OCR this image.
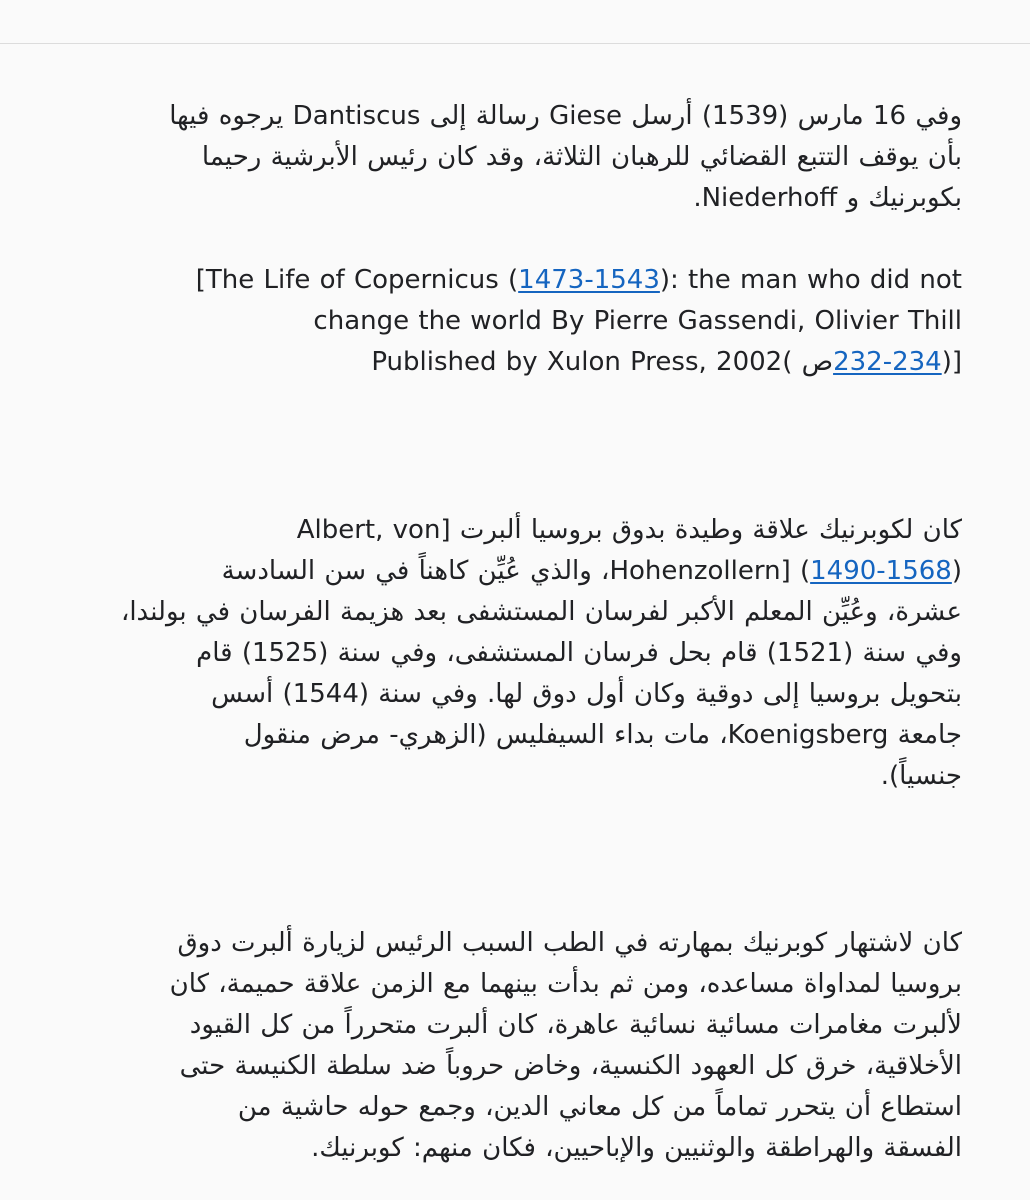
وفي 16 مارس (1539) أرسل Giese رسالة إلى Dantiscus يرجوه فيها
بأن يوقف التتبع القضائي للرهبان الثلاثة، وقد كان رئيس الأبرشية رحيما
بكوبرنيك و Niederhoff.

The Life of Copernicus (1473-1543): the man who did not]
change the world By Pierre Gassendi, Olivier Thill
[(232-234ص )Published by Xulon Press, 2002

كان لكوبرنيك علاقة وطيدة بدوق بروسيا ألبرت [Albert, von
Hohenzollern] (1490-1568)، والذي عُيِّن كاهناً في سن السادسة
عشرة، وعُيِّن المعلم الأكبر لفرسان المستشفى بعد هزيمة الفرسان في بولندا،
وفي سنة (1521) قام بحل فرسان المستشفى، وفي سنة (1525) قام
بتحويل بروسيا إلى دوقية وكان أول دوق لها. وفي سنة (1544) أسس
جامعة Koenigsberg، مات بداء السيفليس (الزهري- مرض منقول
جنسياً).

كان لاشتهار كوبرنيك بمهارته في الطب السبب الرئيس لزيارة ألبرت دوق
بروسيا لمداواة مساعده، ومن ثم بدأت بينهما مع الزمن علاقة حميمة، كان
لألبرت مغامرات مسائية نسائية عاهرة، كان ألبرت متحرراً من كل القيود
الأخلاقية، خرق كل العهود الكنسية، وخاض حروباً ضد سلطة الكنيسة حتى
استطاع أن يتحرر تماماً من كل معاني الدين، وجمع حوله حاشية من
الفسقة والهراطقة والوثنيين والإباحيين، فكان منهم: كوبرنيك.
